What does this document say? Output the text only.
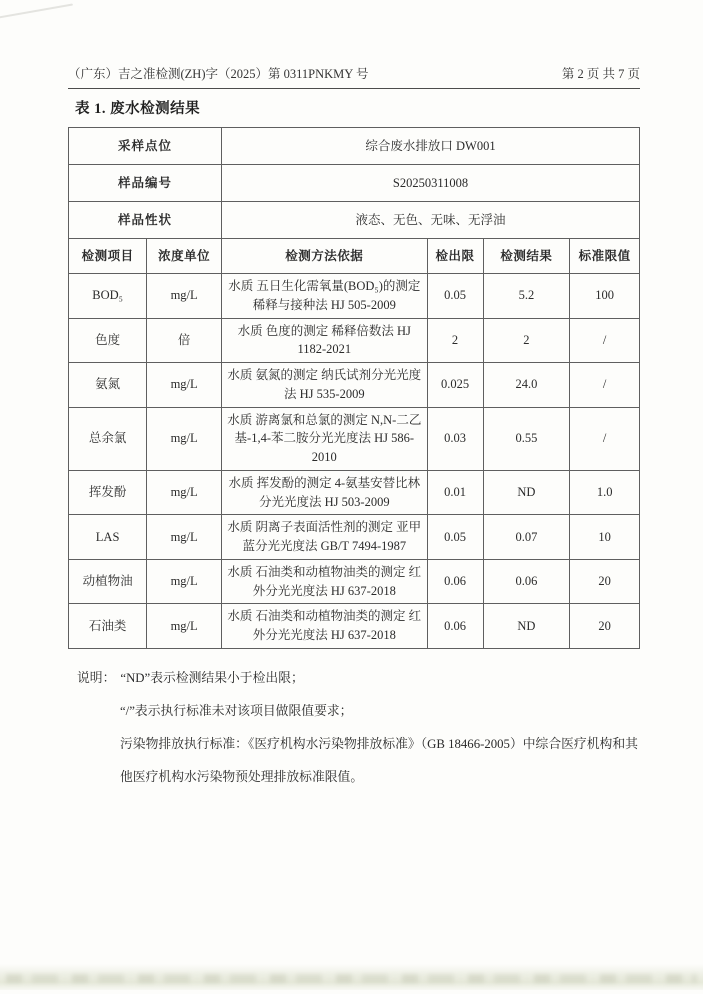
（广东）吉之准检测(ZH)字（2025）第 0311PNKMY 号	第 2 页 共 7 页
表 1. 废水检测结果
采样点位		综合废水排放口 DW001			
样品编号		S20250311008			
样品性状		液态、无色、无味、无浮油			
检测项目	浓度单位	检测方法依据	检出限	检测结果	标准限值
BOD₅	mg/L	水质 五日生化需氧量(BOD₅)的测定 稀释与接种法 HJ 505-2009	0.05	5.2	100
色度	倍	水质 色度的测定 稀释倍数法 HJ 1182-2021	2	2	/
氨氮	mg/L	水质 氨氮的测定 纳氏试剂分光光度法 HJ 535-2009	0.025	24.0	/
总余氯	mg/L	水质 游离氯和总氯的测定 N,N-二乙基-1,4-苯二胺分光光度法 HJ 586-2010	0.03	0.55	/
挥发酚	mg/L	水质 挥发酚的测定 4-氨基安替比林分光光度法 HJ 503-2009	0.01	ND	1.0
LAS	mg/L	水质 阴离子表面活性剂的测定 亚甲蓝分光光度法 GB/T 7494-1987	0.05	0.07	10
动植物油	mg/L	水质 石油类和动植物油类的测定 红外分光光度法 HJ 637-2018	0.06	0.06	20
石油类	mg/L	水质 石油类和动植物油类的测定 红外分光光度法 HJ 637-2018	0.06	ND	20
说明： “ND”表示检测结果小于检出限；
“/”表示执行标准未对该项目做限值要求；
污染物排放执行标准：《医疗机构水污染物排放标准》（GB 18466-2005）中综合医疗机构和其
他医疗机构水污染物预处理排放标准限值。
